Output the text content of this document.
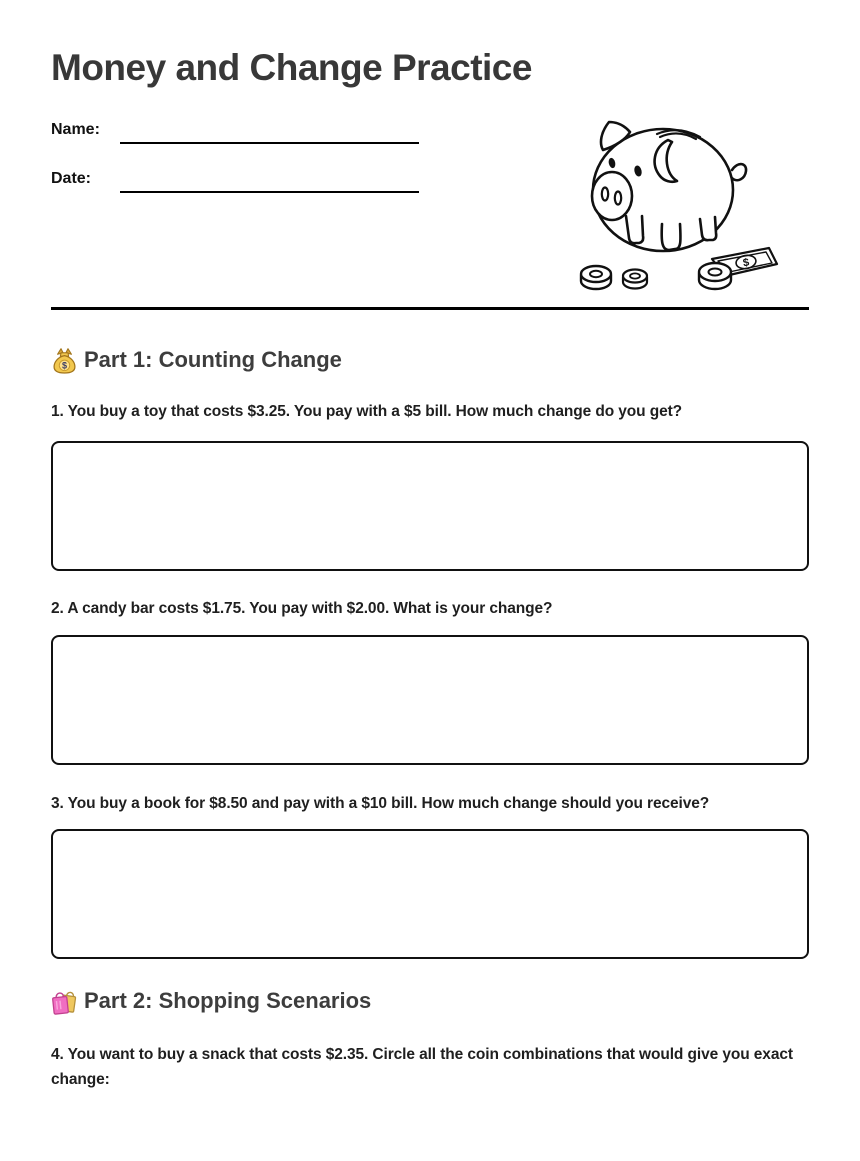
Money and Change Practice
Name:
Date:
$
$ Part 1: Counting Change

1. You buy a toy that costs $3.25. You pay with a $5 bill. How much change do you get?

2. A candy bar costs $1.75. You pay with $2.00. What is your change?

3. You buy a book for $8.50 and pay with a $10 bill. How much change should you receive?

Part 2: Shopping Scenarios

4. You want to buy a snack that costs $2.35. Circle all the coin combinations that would give you exact change:
